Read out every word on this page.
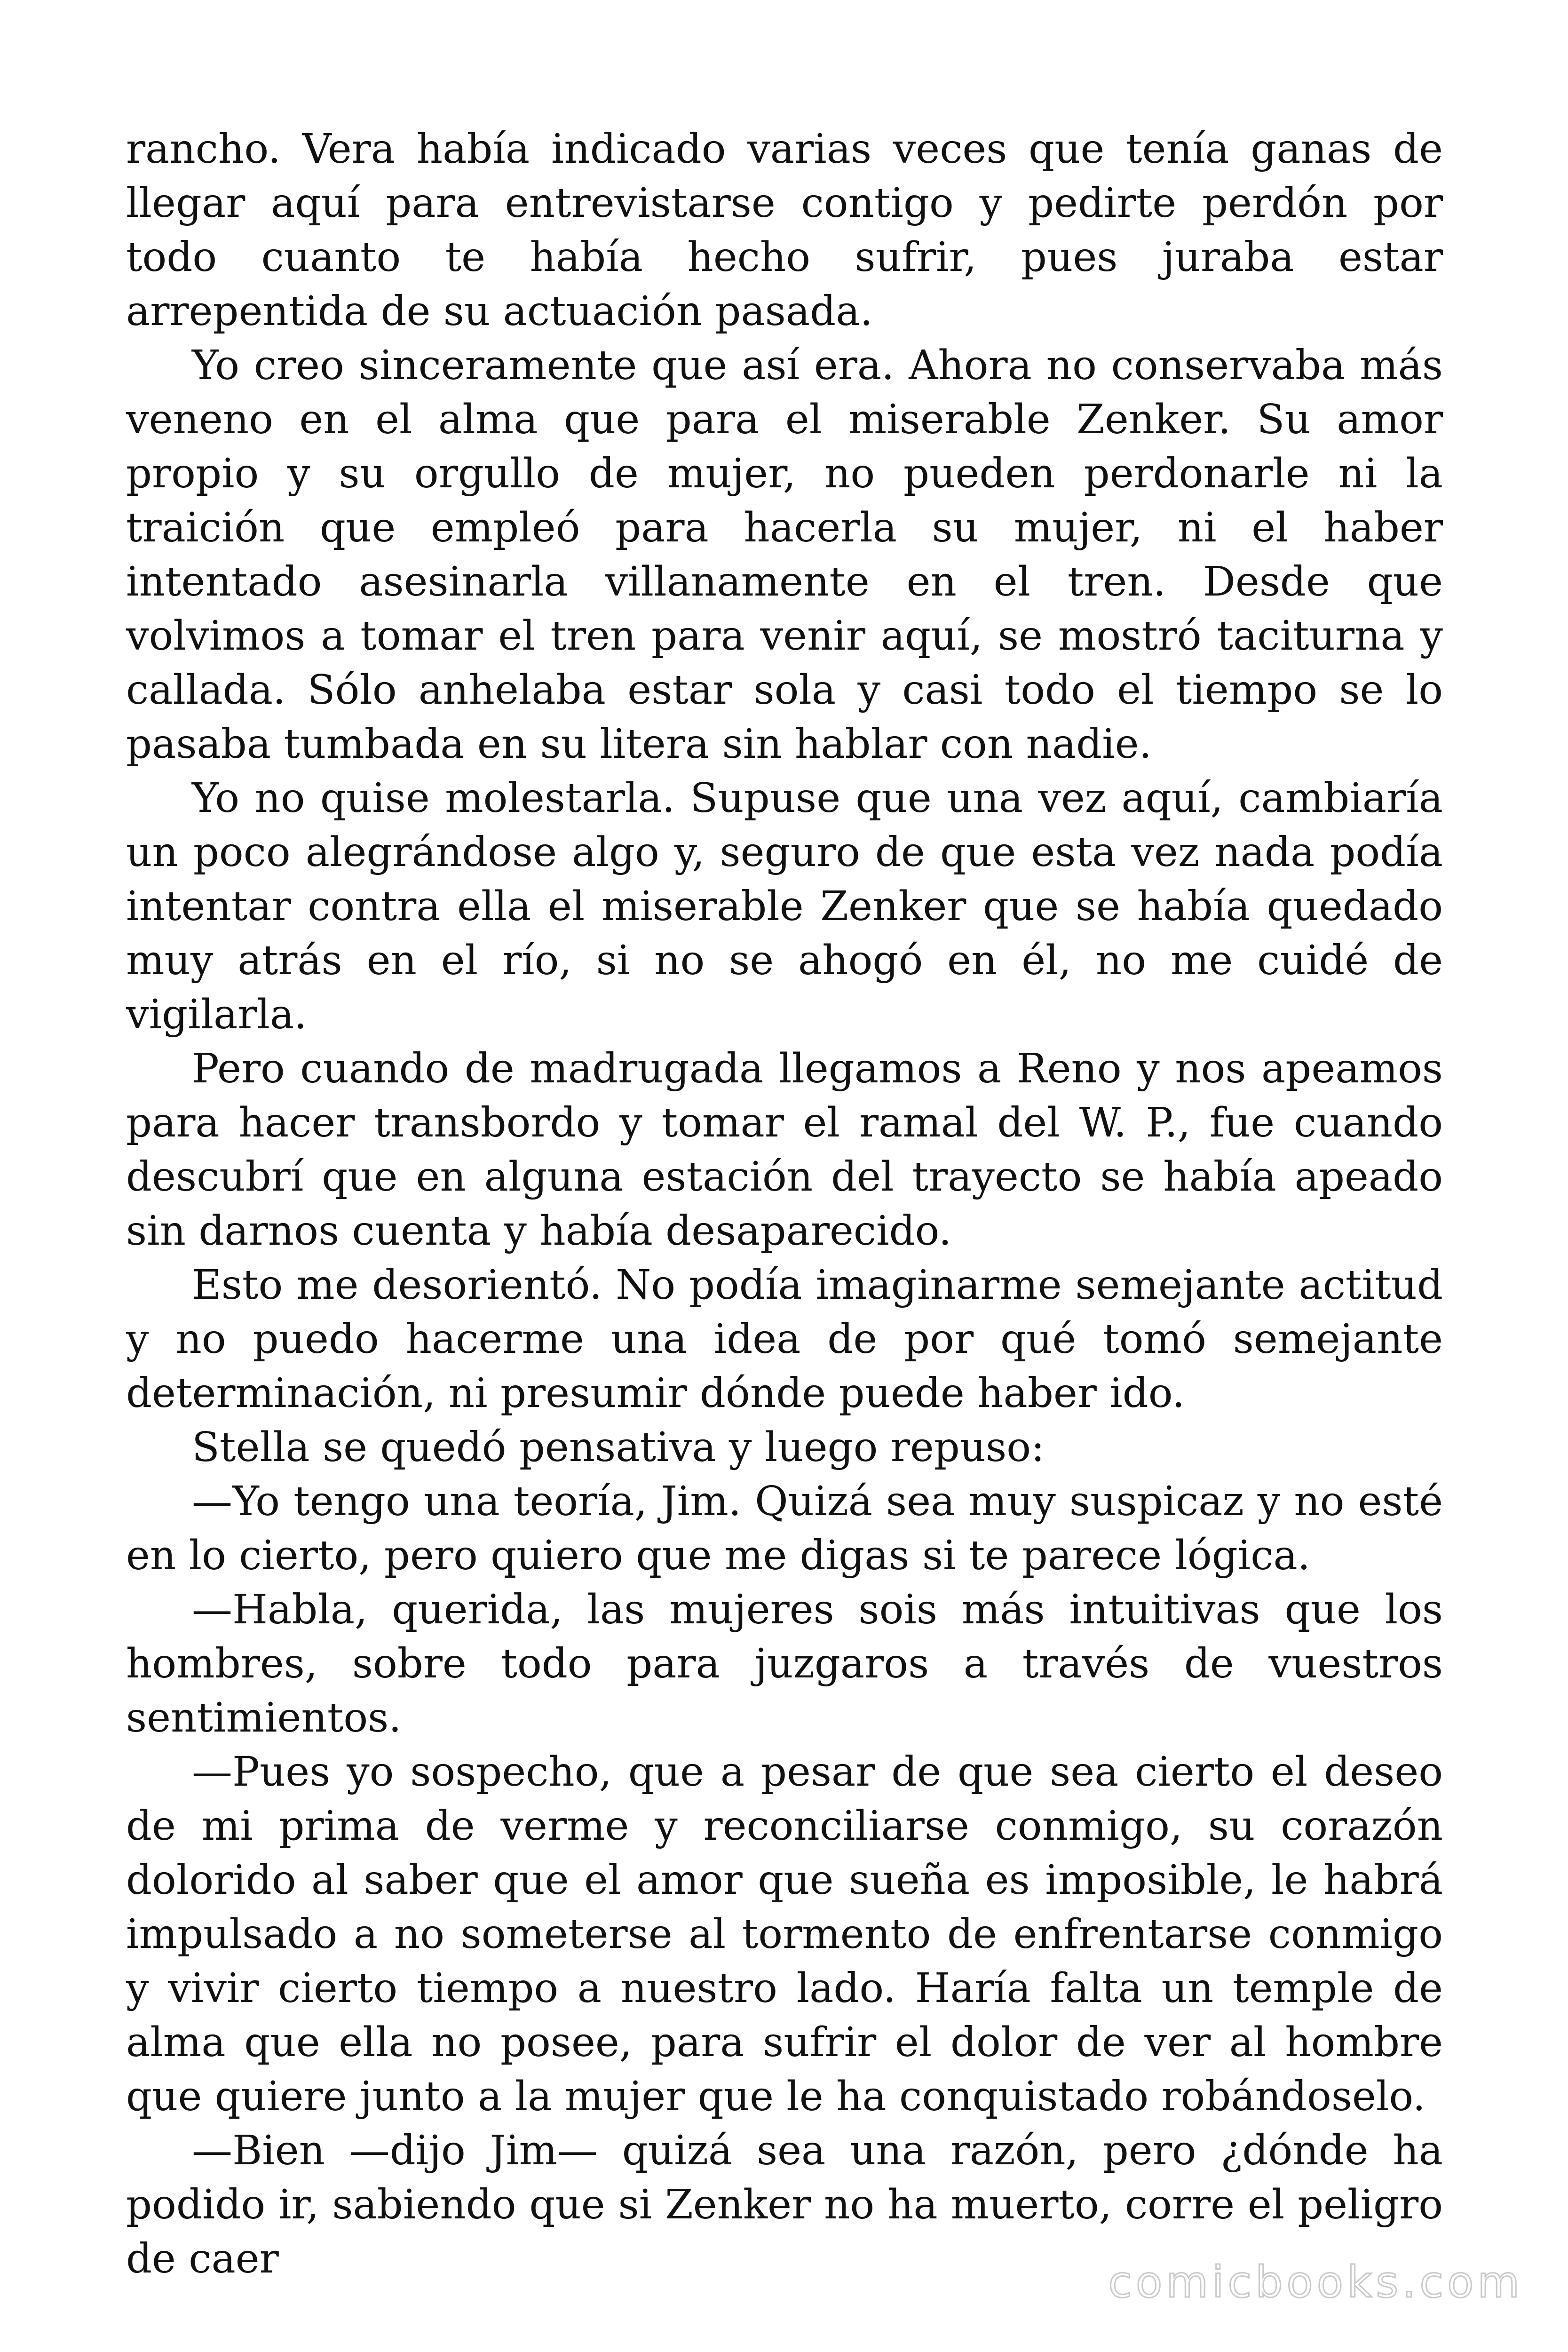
rancho. Vera había indicado varias veces que tenía ganas de llegar aquí para entrevistarse contigo y pedirte perdón por todo cuanto te había hecho sufrir, pues juraba estar arrepentida de su actuación pasada.

Yo creo sinceramente que así era. Ahora no conservaba más veneno en el alma que para el miserable Zenker. Su amor propio y su orgullo de mujer, no pueden perdonarle ni la traición que empleó para hacerla su mujer, ni el haber intentado asesinarla villanamente en el tren. Desde que volvimos a tomar el tren para venir aquí, se mostró taciturna y callada. Sólo anhelaba estar sola y casi todo el tiempo se lo pasaba tumbada en su litera sin hablar con nadie.

Yo no quise molestarla. Supuse que una vez aquí, cambiaría un poco alegrándose algo y, seguro de que esta vez nada podía intentar contra ella el miserable Zenker que se había quedado muy atrás en el río, si no se ahogó en él, no me cuidé de vigilarla.

Pero cuando de madrugada llegamos a Reno y nos apeamos para hacer transbordo y tomar el ramal del W. P., fue cuando descubrí que en alguna estación del trayecto se había apeado sin darnos cuenta y había desaparecido.

Esto me desorientó. No podía imaginarme semejante actitud y no puedo hacerme una idea de por qué tomó semejante determinación, ni presumir dónde puede haber ido.

Stella se quedó pensativa y luego repuso:

—Yo tengo una teoría, Jim. Quizá sea muy suspicaz y no esté en lo cierto, pero quiero que me digas si te parece lógica.

—Habla, querida, las mujeres sois más intuitivas que los hombres, sobre todo para juzgaros a través de vuestros sentimientos.

—Pues yo sospecho, que a pesar de que sea cierto el deseo de mi prima de verme y reconciliarse conmigo, su corazón dolorido al saber que el amor que sueña es imposible, le habrá impulsado a no someterse al tormento de enfrentarse conmigo y vivir cierto tiempo a nuestro lado. Haría falta un temple de alma que ella no posee, para sufrir el dolor de ver al hombre que quiere junto a la mujer que le ha conquistado robándoselo.

—Bien —dijo Jim— quizá sea una razón, pero ¿dónde ha podido ir, sabiendo que si Zenker no ha muerto, corre el peligro de caer	comicbooks.com
